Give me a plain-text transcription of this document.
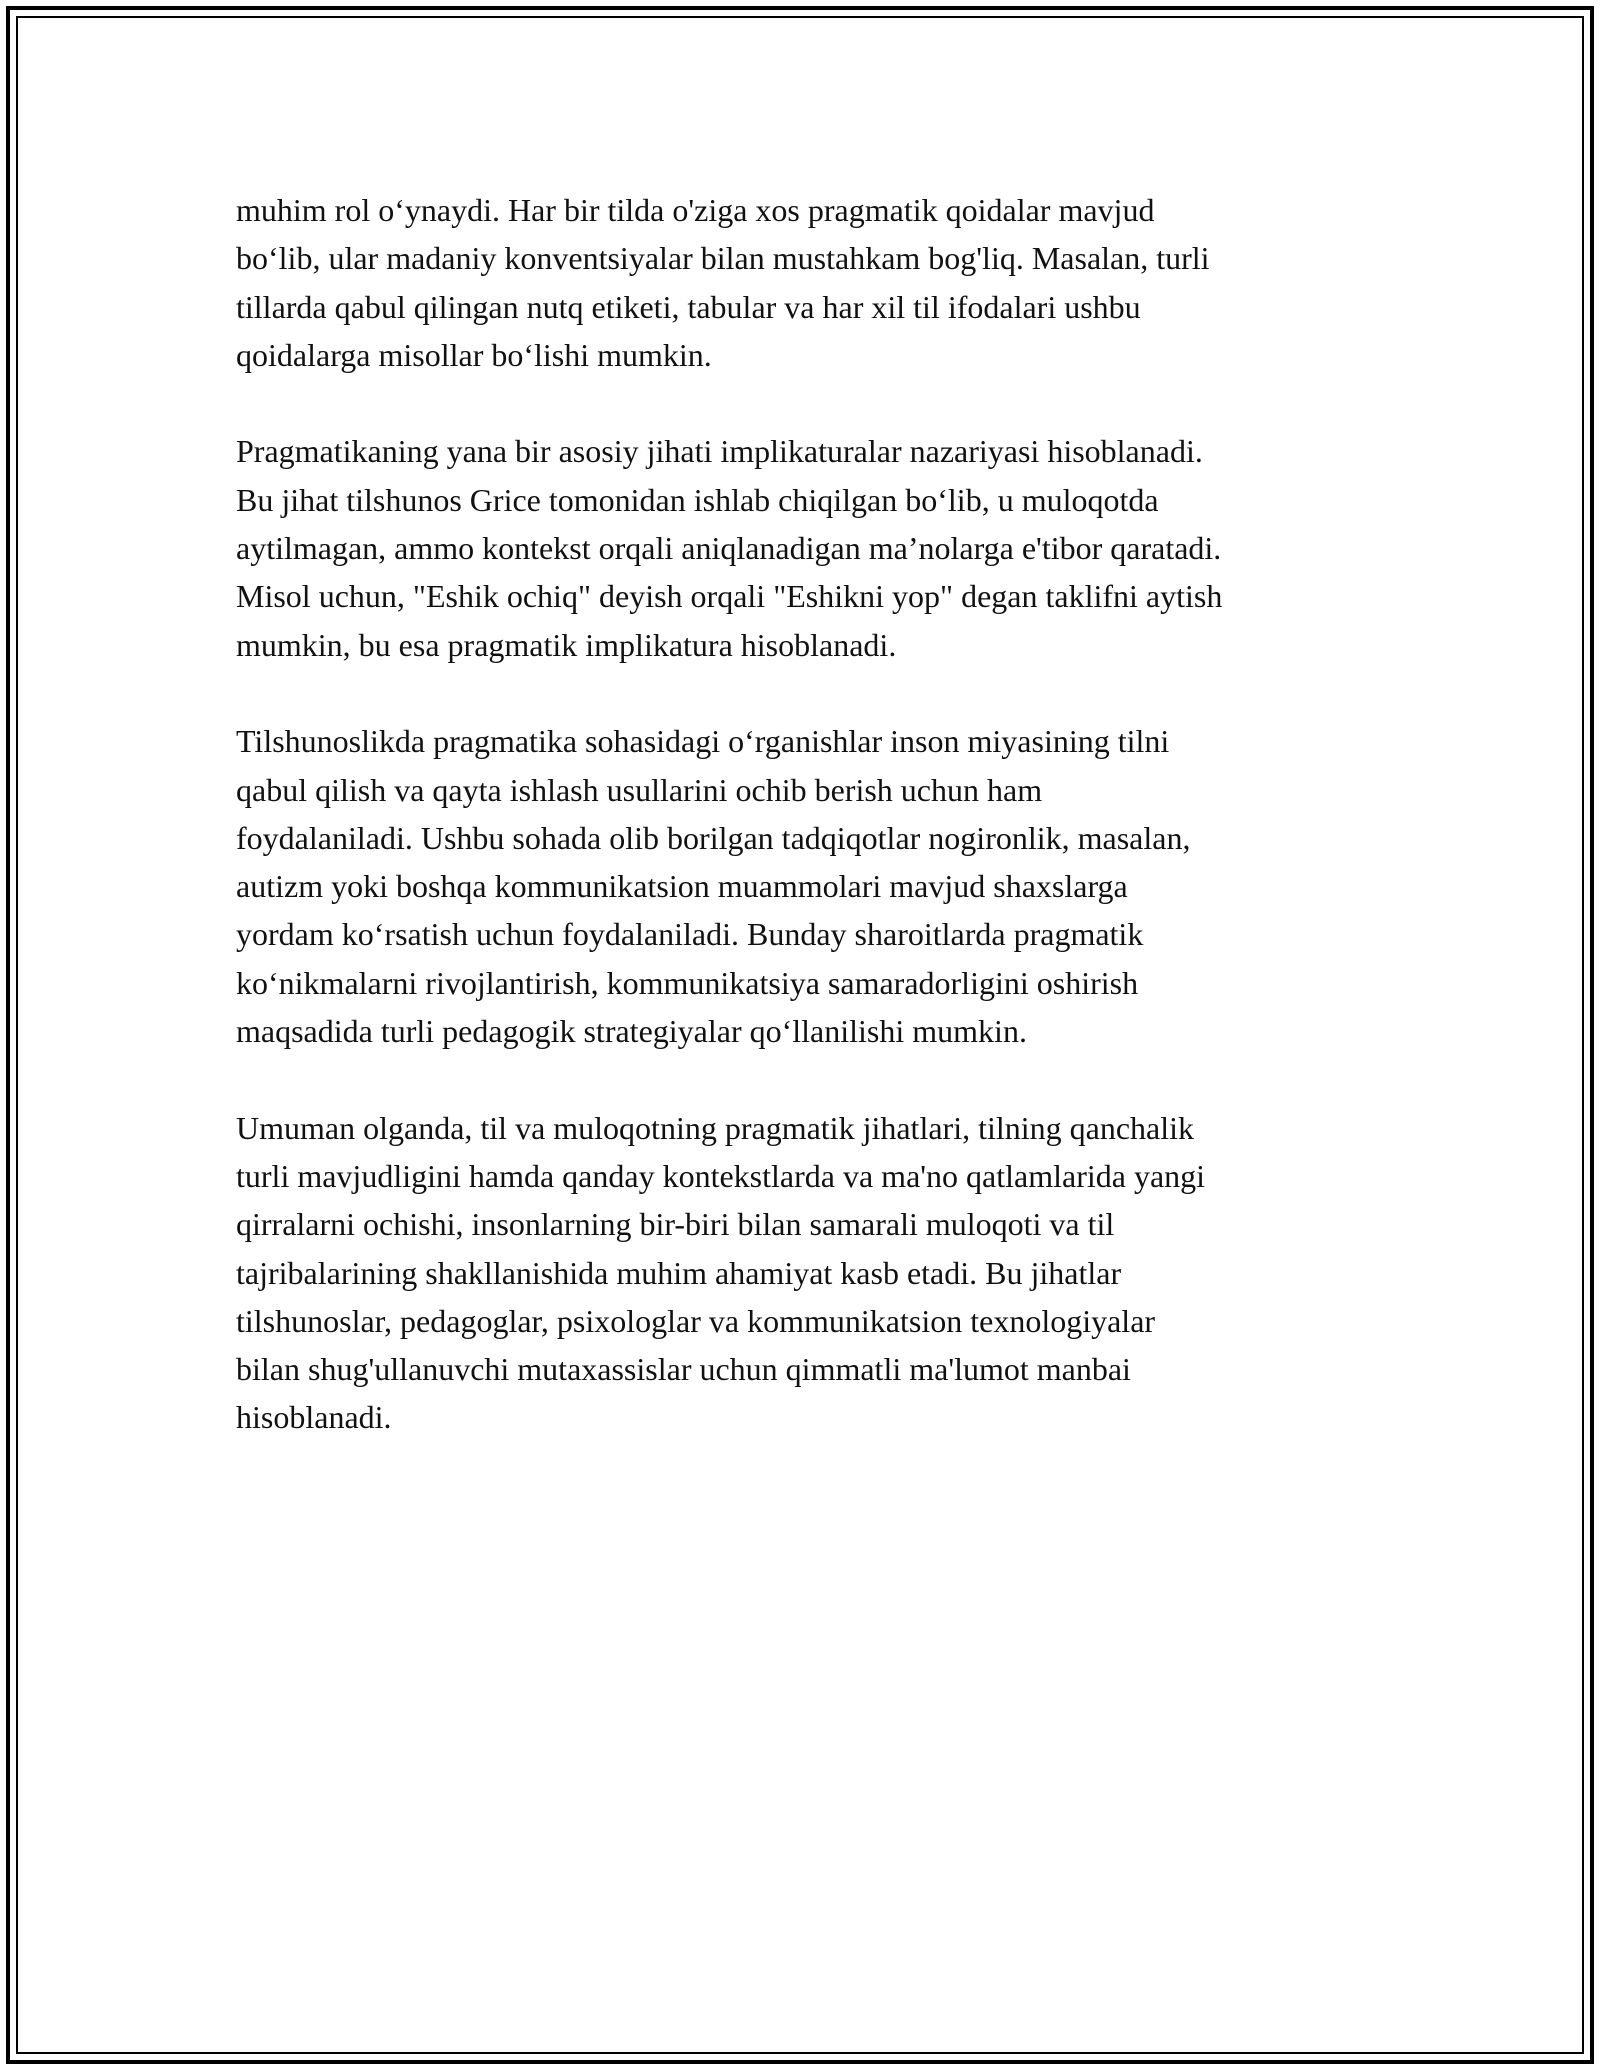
muhim rol o‘ynaydi. Har bir tilda o'ziga xos pragmatik qoidalar mavjud
bo‘lib, ular madaniy konventsiyalar bilan mustahkam bog'liq. Masalan, turli
tillarda qabul qilingan nutq etiketi, tabular va har xil til ifodalari ushbu
qoidalarga misollar bo‘lishi mumkin.

Pragmatikaning yana bir asosiy jihati implikaturalar nazariyasi hisoblanadi.
Bu jihat tilshunos Grice tomonidan ishlab chiqilgan bo‘lib, u muloqotda
aytilmagan, ammo kontekst orqali aniqlanadigan ma’nolarga e'tibor qaratadi.
Misol uchun, "Eshik ochiq" deyish orqali "Eshikni yop" degan taklifni aytish
mumkin, bu esa pragmatik implikatura hisoblanadi.

Tilshunoslikda pragmatika sohasidagi o‘rganishlar inson miyasining tilni
qabul qilish va qayta ishlash usullarini ochib berish uchun ham
foydalaniladi. Ushbu sohada olib borilgan tadqiqotlar nogironlik, masalan,
autizm yoki boshqa kommunikatsion muammolari mavjud shaxslarga
yordam ko‘rsatish uchun foydalaniladi. Bunday sharoitlarda pragmatik
ko‘nikmalarni rivojlantirish, kommunikatsiya samaradorligini oshirish
maqsadida turli pedagogik strategiyalar qo‘llanilishi mumkin.

Umuman olganda, til va muloqotning pragmatik jihatlari, tilning qanchalik
turli mavjudligini hamda qanday kontekstlarda va ma'no qatlamlarida yangi
qirralarni ochishi, insonlarning bir-biri bilan samarali muloqoti va til
tajribalarining shakllanishida muhim ahamiyat kasb etadi. Bu jihatlar
tilshunoslar, pedagoglar, psixologlar va kommunikatsion texnologiyalar
bilan shug'ullanuvchi mutaxassislar uchun qimmatli ma'lumot manbai
hisoblanadi.
